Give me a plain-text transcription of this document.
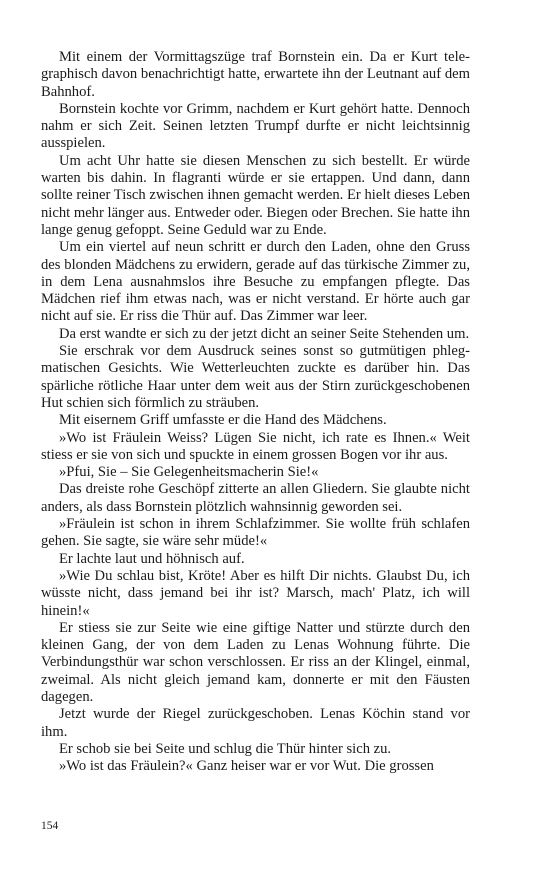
Mit einem der Vormittagszüge traf Bornstein ein. Da er Kurt telegraphisch davon benachrichtigt hatte, erwartete ihn der Leutnant auf dem Bahnhof.

Bornstein kochte vor Grimm, nachdem er Kurt gehört hatte. Dennoch nahm er sich Zeit. Seinen letzten Trumpf durfte er nicht leichtsinnig ausspielen.

Um acht Uhr hatte sie diesen Menschen zu sich bestellt. Er würde warten bis dahin. In flagranti würde er sie ertappen. Und dann, dann sollte reiner Tisch zwischen ihnen gemacht werden. Er hielt dieses Leben nicht mehr länger aus. Entweder oder. Biegen oder Brechen. Sie hatte ihn lange genug gefoppt. Seine Geduld war zu Ende.

Um ein viertel auf neun schritt er durch den Laden, ohne den Gruss des blonden Mädchens zu erwidern, gerade auf das türkische Zimmer zu, in dem Lena ausnahmslos ihre Besuche zu empfangen pflegte. Das Mädchen rief ihm etwas nach, was er nicht verstand. Er hörte auch gar nicht auf sie. Er riss die Thür auf. Das Zimmer war leer.

Da erst wandte er sich zu der jetzt dicht an seiner Seite Stehenden um.

Sie erschrak vor dem Ausdruck seines sonst so gutmütigen phlegmatischen Gesichts. Wie Wetterleuchten zuckte es darüber hin. Das spärliche rötliche Haar unter dem weit aus der Stirn zurückgeschobenen Hut schien sich förmlich zu sträuben.

Mit eisernem Griff umfasste er die Hand des Mädchens.

»Wo ist Fräulein Weiss? Lügen Sie nicht, ich rate es Ihnen.« Weit stiess er sie von sich und spuckte in einem grossen Bogen vor ihr aus.

»Pfui, Sie – Sie Gelegenheitsmacherin Sie!«

Das dreiste rohe Geschöpf zitterte an allen Gliedern. Sie glaubte nicht anders, als dass Bornstein plötzlich wahnsinnig geworden sei.

»Fräulein ist schon in ihrem Schlafzimmer. Sie wollte früh schlafen gehen. Sie sagte, sie wäre sehr müde!«

Er lachte laut und höhnisch auf.

»Wie Du schlau bist, Kröte! Aber es hilft Dir nichts. Glaubst Du, ich wüsste nicht, dass jemand bei ihr ist? Marsch, mach' Platz, ich will hinein!«

Er stiess sie zur Seite wie eine giftige Natter und stürzte durch den kleinen Gang, der von dem Laden zu Lenas Wohnung führte. Die Verbindungsthür war schon verschlossen. Er riss an der Klingel, einmal, zweimal. Als nicht gleich jemand kam, donnerte er mit den Fäusten dagegen.

Jetzt wurde der Riegel zurückgeschoben. Lenas Köchin stand vor ihm.

Er schob sie bei Seite und schlug die Thür hinter sich zu.

»Wo ist das Fräulein?« Ganz heiser war er vor Wut. Die grossen

154
